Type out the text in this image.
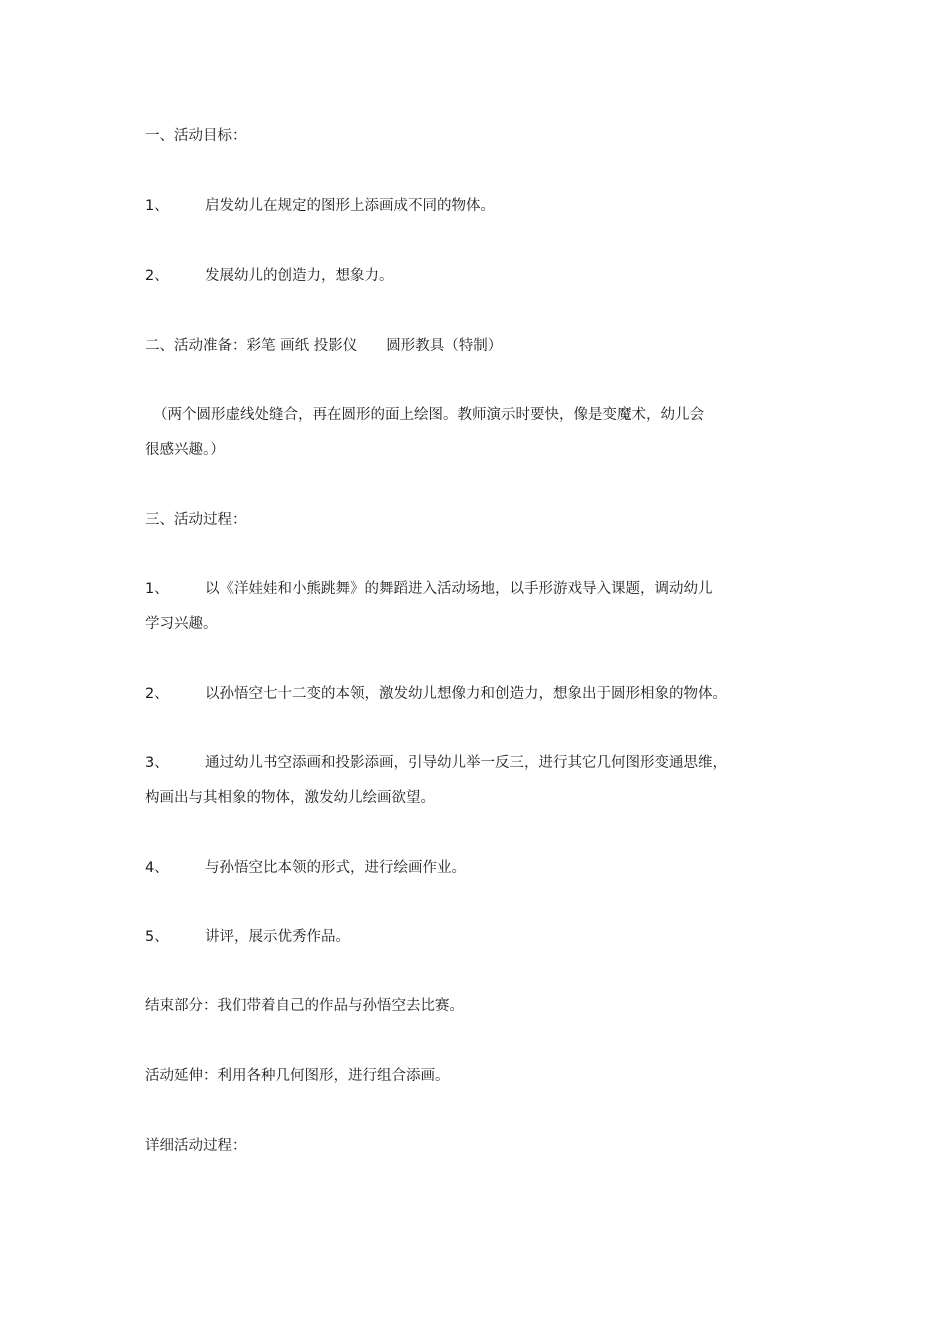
一、活动目标：
1、	启发幼儿在规定的图形上添画成不同的物体。
2、	发展幼儿的创造力，想象力。
二、活动准备：彩笔 画纸 投影仪　　圆形教具（特制）
（两个圆形虚线处缝合，再在圆形的面上绘图。教师演示时要快，像是变魔术，幼儿会
很感兴趣。）
三、活动过程：
1、	以《洋娃娃和小熊跳舞》的舞蹈进入活动场地，以手形游戏导入课题，调动幼儿
学习兴趣。
2、	以孙悟空七十二变的本领，激发幼儿想像力和创造力，想象出于圆形相象的物体。
3、	通过幼儿书空添画和投影添画，引导幼儿举一反三，进行其它几何图形变通思维，
构画出与其相象的物体，激发幼儿绘画欲望。
4、	与孙悟空比本领的形式，进行绘画作业。
5、	讲评，展示优秀作品。
结束部分：我们带着自己的作品与孙悟空去比赛。
活动延伸：利用各种几何图形，进行组合添画。
详细活动过程：
